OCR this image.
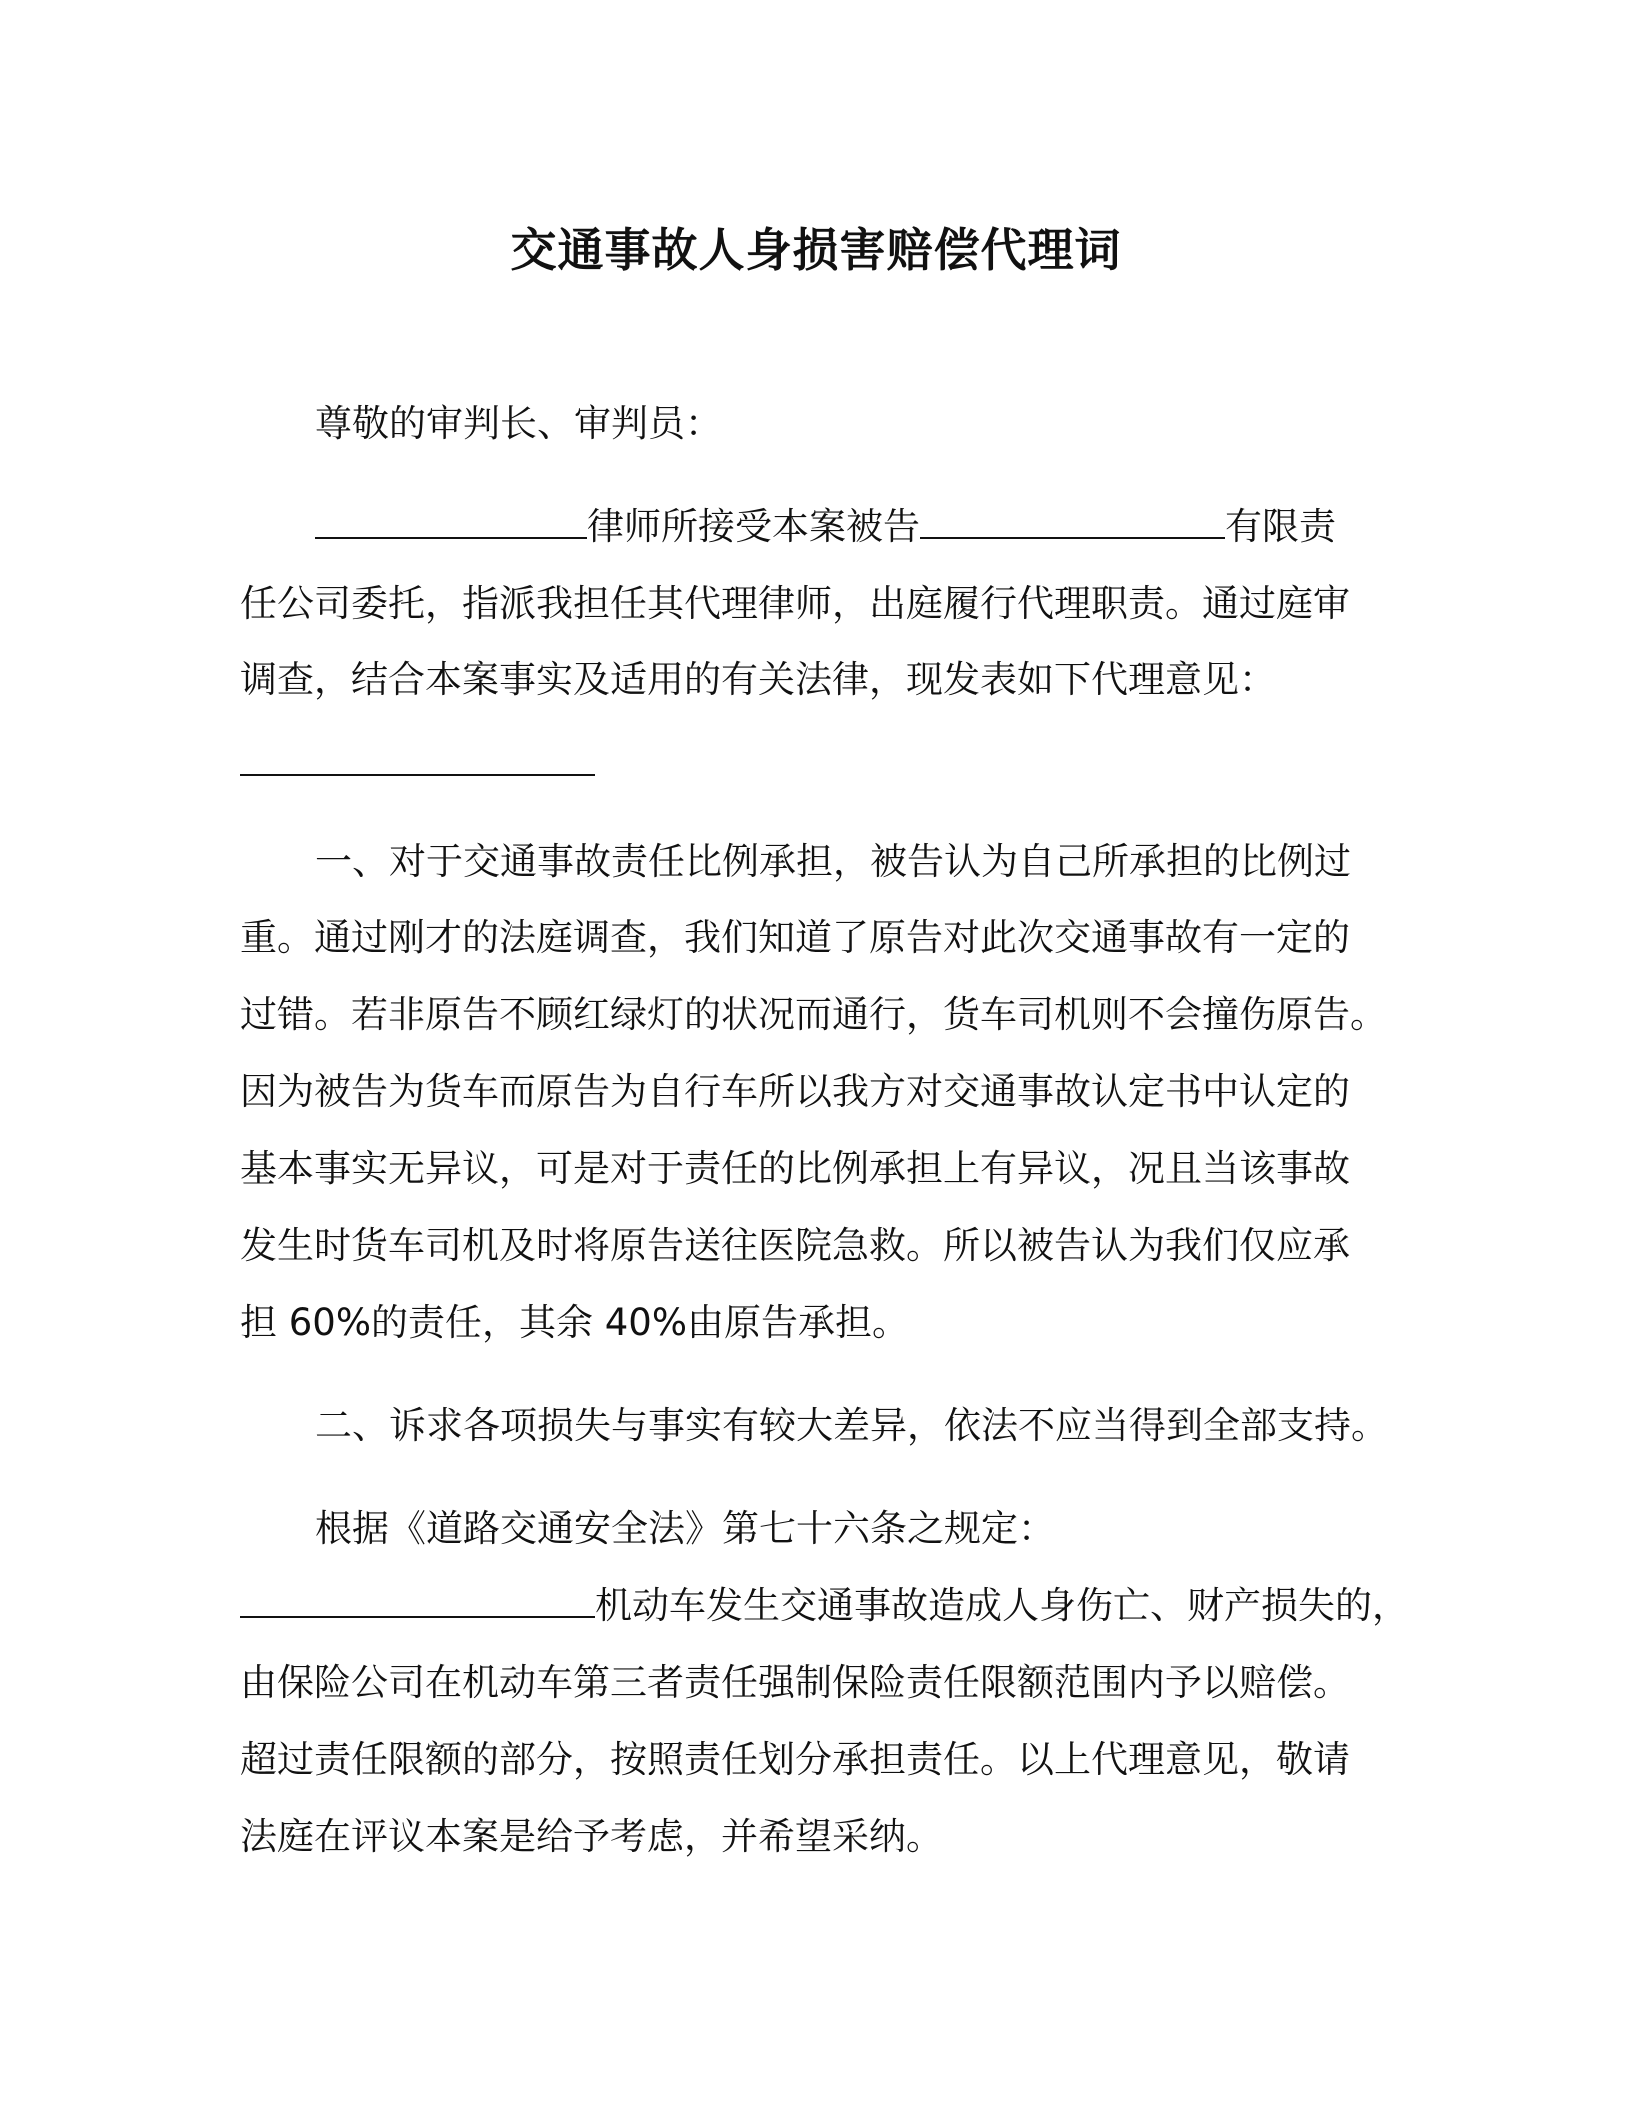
交通事故人身损害赔偿代理词
尊敬的审判长、审判员：
律师所接受本案被告	有限责
任公司委托，指派我担任其代理律师，出庭履行代理职责。通过庭审
调查，结合本案事实及适用的有关法律，现发表如下代理意见：
一、对于交通事故责任比例承担，被告认为自己所承担的比例过
重。通过刚才的法庭调查，我们知道了原告对此次交通事故有一定的
过错。若非原告不顾红绿灯的状况而通行，货车司机则不会撞伤原告。
因为被告为货车而原告为自行车所以我方对交通事故认定书中认定的
基本事实无异议，可是对于责任的比例承担上有异议，况且当该事故
发生时货车司机及时将原告送往医院急救。所以被告认为我们仅应承
担 60%的责任，其余 40%由原告承担。
二、诉求各项损失与事实有较大差异，依法不应当得到全部支持。
根据《道路交通安全法》第七十六条之规定：
机动车发生交通事故造成人身伤亡、财产损失的，
由保险公司在机动车第三者责任强制保险责任限额范围内予以赔偿。
超过责任限额的部分，按照责任划分承担责任。以上代理意见，敬请
法庭在评议本案是给予考虑，并希望采纳。
